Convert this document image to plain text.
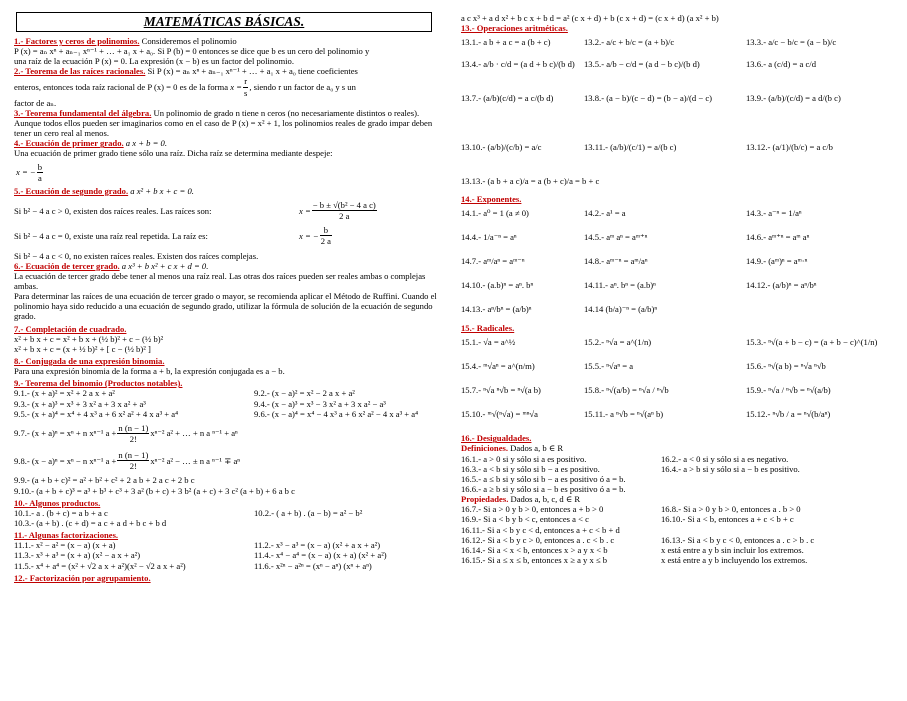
MATEMÁTICAS BÁSICAS.

1.- Factores y ceros de polinomios. Consideremos el polinomio

P (x) = aₙ xⁿ + aₙ₋₁ xⁿ⁻¹ + … + a₁ x + a₀. Si P (b) = 0 entonces se dice que b es un cero del polinomio y

una raíz de la ecuación P (x) = 0. La expresión (x − b) es un factor del polinomio.

2.- Teorema de las raíces racionales. Si P (x) = aₙ xⁿ + aₙ₋₁ xⁿ⁻¹ + … + a₁ x + a₀ tiene coeficientes

enteros, entonces toda raíz racional de P (x) = 0 es de la forma
$x = \frac{r}{s}$ , siendo r un factor de a₀ y s un

factor de aₙ.

3.- Teorema fundamental del álgebra. Un polinomio de grado n tiene n ceros (no necesariamente distintos o reales). Aunque todos ellos pueden ser imaginarios como en el caso de P (x) = x² + 1, los polinomios reales de grado impar deben tener un cero real al menos.

4.- Ecuación de primer grado. a x + b = 0.

Una ecuación de primer grado tiene sólo una raíz. Dicha raíz se determina mediante despeje:

x = − $\frac{b}{a}$

5.- Ecuación de segundo grado. a x² + b x + c = 0.

Si b² − 4 a c > 0, existen dos raíces reales. Las raíces son:	$x = \frac{\text{− b ± √(b² − 4 a c)}}{2 a}$
Si b² − 4 a c = 0, existe una raíz real repetida. La raíz es:	x = − $\frac{b}{2 a}$

Si b² − 4 a c < 0, no existen raíces reales. Existen dos raíces complejas.

6.- Ecuación de tercer grado. a x³ + b x² + c x + d = 0.

La ecuación de tercer grado debe tener al menos una raíz real. Las otras dos raíces pueden ser reales ambas o complejas ambas.

Para determinar las raíces de una ecuación de tercer grado o mayor, se recomienda aplicar el Método de Ruffini. Cuando el polinomio haya sido reducido a una ecuación de segundo grado, utilizar la fórmula de solución de la ecuación de segundo grado.

7.- Completación de cuadrado.

x² + b x + c = x² + b x + (½ b)² + c − (½ b)²

x² + b x + c = (x + ½ b)² + [ c − (½ b)² ]

8.- Conjugada de una expresión binomia.

Para una expresión binomia de la forma a + b, la expresión conjugada es a − b.

9.- Teorema del binomio (Productos notables).

9.1.- (x + a)² = x² + 2 a x + a²	9.2.- (x − a)² = x² − 2 a x + a²
9.3.- (x + a)³ = x³ + 3 x² a + 3 x a² + a³	9.4.- (x − a)³ = x³ − 3 x² a + 3 x a² − a³
9.5.- (x + a)⁴ = x⁴ + 4 x³ a + 6 x² a² + 4 x a³ + a⁴	9.6.- (x − a)⁴ = x⁴ − 4 x³ a + 6 x² a² − 4 x a³ + a⁴
9.7.- (x + a)ⁿ = xⁿ + n xⁿ⁻¹ $a + \frac{n (n - 1)}{2!} x^{n-2}$ a² + … + n a ⁿ⁻¹ + aⁿ
9.8.- (x − a)ⁿ = xⁿ − n xⁿ⁻¹ $a + \frac{n (n - 1)}{2!} x^{n-2}$ a² − … ± n a ⁿ⁻¹ ∓ aⁿ

9.9.- (a + b + c)² = a² + b² + c² + 2 a b + 2 a c + 2 b c

9.10.- (a + b + c)³ = a³ + b³ + c³ + 3 a² (b + c) + 3 b² (a + c) + 3 c² (a + b) + 6 a b c

10.- Algunos productos.

10.1.- a . (b + c) = a b + a c	10.2.- ( a + b) . (a − b) = a² − b²

10.3.- (a + b) . (c + d) = a c + a d + b c + b d

11.- Algunas factorizaciones.

11.1.- x² − a² = (x − a) (x + a)	11.2.- x³ − a³ = (x − a) (x² + a x + a²)
11.3.- x³ + a³ = (x + a) (x² − a x + a²)	11.4.- x⁴ − a⁴ = (x − a) (x + a) (x² + a²)
11.5.- x⁴ + a⁴ = (x² + √2 a x + a²)(x² − √2 a x + a²)	11.6.- x²ⁿ − a²ⁿ = (xⁿ − aⁿ) (xⁿ + aⁿ)

12.- Factorización por agrupamiento.

a c x³ + a d x² + b c x + b d = a² (c x + d) + b (c x + d) = (c x + d) (a x² + b)

13.- Operaciones aritméticas.

13.1.- a b + a c = a (b + c)	13.2.- a/c + b/c = (a + b)/c	13.3.- a/c − b/c = (a − b)/c
13.4.- a/b · c/d = (a d + b c)/(b d)	13.5.- a/b − c/d = (a d − b c)/(b d)	13.6.- a (c/d) = a c/d
13.7.- (a/b)(c/d) = a c/(b d)	13.8.- (a − b)/(c − d) = (b − a)/(d − c)	13.9.- (a/b)/(c/d) = a d/(b c)
13.10.- (a/b)/(c/b) = a/c	13.11.- (a/b)/(c/1) = a/(b c)	13.12.- (a/1)/(b/c) = a c/b

13.13.- (a b + a c)/a = a (b + c)/a = b + c

14.- Exponentes.

14.1.- a⁰ = 1 (a ≠ 0)	14.2.- a¹ = a	14.3.- a⁻ⁿ = 1/aⁿ
14.4.- 1/a⁻ⁿ = aⁿ	14.5.- aᵐ aⁿ = aᵐ⁺ⁿ	14.6.- aᵐ⁺ⁿ = aᵐ aⁿ
14.7.- aᵐ/aⁿ = aᵐ⁻ⁿ	14.8.- aᵐ⁻ⁿ = aᵐ/aⁿ	14.9.- (aᵐ)ⁿ = aᵐ·ⁿ
14.10.- (a.b)ⁿ = aⁿ. bⁿ	14.11.- aⁿ. bⁿ = (a.b)ⁿ	14.12.- (a/b)ⁿ = aⁿ/bⁿ
14.13.- aⁿ/bⁿ = (a/b)ⁿ	14.14 (b/a)⁻ⁿ = (a/b)ⁿ

15.- Radicales.

15.1.- √a = a^½	15.2.- ⁿ√a = a^(1/n)	15.3.- ⁿ√(a + b − c) = (a + b − c)^(1/n)
15.4.- ᵐ√aⁿ = a^(n/m)	15.5.- ⁿ√aⁿ = a	15.6.- ⁿ√(a b) = ⁿ√a ⁿ√b
15.7.- ⁿ√a ⁿ√b = ⁿ√(a b)	15.8.- ⁿ√(a/b) = ⁿ√a / ⁿ√b	15.9.- ⁿ√a / ⁿ√b = ⁿ√(a/b)
15.10.- ᵐ√(ⁿ√a) = ᵐⁿ√a	15.11.- a ⁿ√b = ⁿ√(aⁿ b)	15.12.- ⁿ√b / a = ⁿ√(b/aⁿ)

16.- Desigualdades.

Definiciones. Dados a, b ∈ R

16.1.- a > 0 si y sólo si a es positivo.	16.2.- a < 0 si y sólo si a es negativo.
16.3.- a < b si y sólo si b − a es positivo.	16.4.- a > b si y sólo si a − b es positivo.
16.5.- a ≤ b si y sólo si b − a es positivo ó a = b.
16.6.- a ≥ b si y sólo si a − b es positivo ó a = b.

Propiedades. Dados a, b, c, d ∈ R

16.7.- Si a > 0 y b > 0, entonces a + b > 0	16.8.- Si a > 0 y b > 0, entonces a . b > 0
16.9.- Si a < b y b < c, entonces a < c	16.10.- Si a < b, entonces a + c < b + c
16.11.- Si a < b y c < d, entonces a + c < b + d
16.12.- Si a < b y c > 0, entonces a . c < b . c	16.13.- Si a < b y c < 0, entonces a . c > b . c
16.14.- Si a < x < b, entonces x > a y x < b	x está entre a y b sin incluir los extremos.
16.15.- Si a ≤ x ≤ b, entonces x ≥ a y x ≤ b	x está entre a y b incluyendo los extremos.
